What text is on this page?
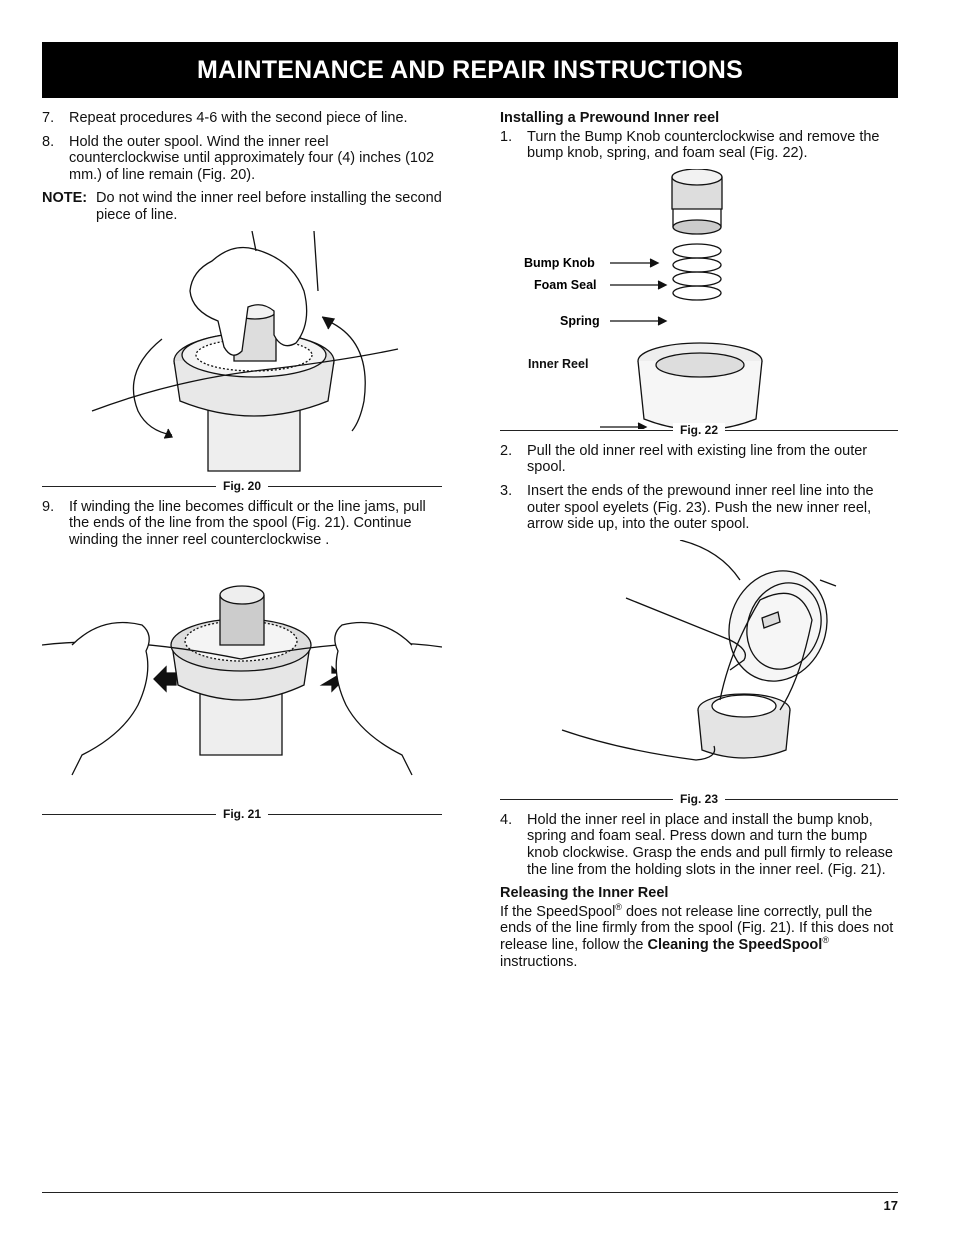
MAINTENANCE AND REPAIR INSTRUCTIONS
7. Repeat procedures 4-6 with the second piece of line.
8. Hold the outer spool. Wind the inner reel counterclockwise until approximately four (4) inches (102 mm.) of line remain (Fig. 20).
NOTE: Do not wind the inner reel before installing the second piece of line.
Fig. 20
9. If winding the line becomes difficult or the line jams, pull the ends of the line from the spool (Fig. 21). Continue winding the inner reel counterclockwise .
Fig. 21
Installing a Prewound Inner reel
1. Turn the Bump Knob counterclockwise and remove the bump knob, spring, and foam seal (Fig. 22).
Bump Knob
Foam Seal
Spring
Fig. 22
2. Pull the old inner reel with existing line from the outer spool.
3. Insert the ends of the prewound inner reel line into the outer spool eyelets (Fig. 23). Push the new inner reel, arrow side up, into the outer spool.
Fig. 23
4. Hold the inner reel in place and install the bump knob, spring and foam seal. Press down and turn the bump knob clockwise. Grasp the ends and pull firmly to release the line from the holding slots in the inner reel. (Fig. 21).
Releasing the Inner Reel

If the SpeedSpool® does not release line correctly, pull the ends of the line firmly from the spool (Fig. 21). If this does not release line, follow the Cleaning the SpeedSpool® instructions.

Inner Reel
17
